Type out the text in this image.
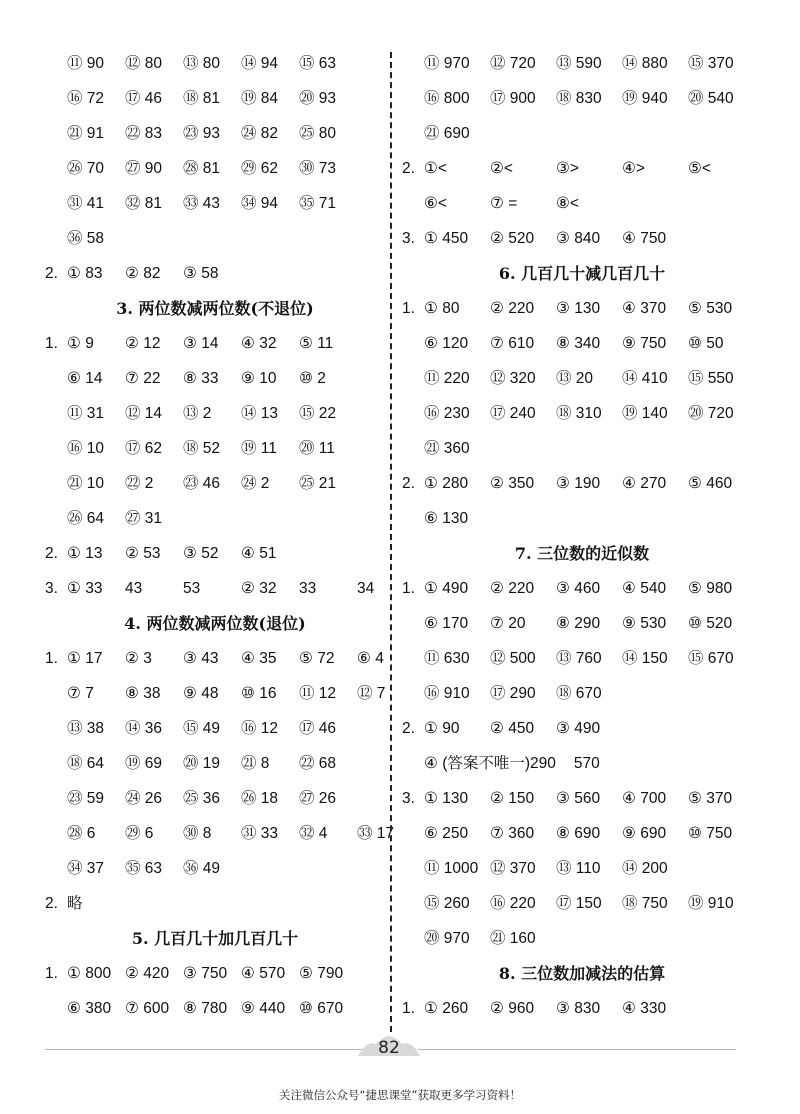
⑪ 90 ⑫ 80 ⑬ 80 ⑭ 94 ⑮ 63
⑯ 72 ⑰ 46 ⑱ 81 ⑲ 84 ⑳ 93
㉑ 91 ㉒ 83 ㉓ 93 ㉔ 82 ㉕ 80
㉖ 70 ㉗ 90 ㉘ 81 ㉙ 62 ㉚ 73
㉛ 41 ㉜ 81 ㉝ 43 ㉞ 94 ㉟ 71
㊱ 58
2. ① 83 ② 82 ③ 58
3. 两位数减两位数(不退位)
1. ① 9 ② 12 ③ 14 ④ 32 ⑤ 11
⑥ 14 ⑦ 22 ⑧ 33 ⑨ 10 ⑩ 2
⑪ 31 ⑫ 14 ⑬ 2 ⑭ 13 ⑮ 22
⑯ 10 ⑰ 62 ⑱ 52 ⑲ 11 ⑳ 11
㉑ 10 ㉒ 2 ㉓ 46 ㉔ 2 ㉕ 21
㉖ 64 ㉗ 31
2. ① 13 ② 53 ③ 52 ④ 51
3. ① 33 43	53	② 32 33	34
4. 两位数减两位数(退位)
1. ① 17 ② 3 ③ 43 ④ 35 ⑤ 72 ⑥ 4
⑦ 7 ⑧ 38 ⑨ 48 ⑩ 16 ⑪ 12 ⑫ 7
⑬ 38 ⑭ 36 ⑮ 49 ⑯ 12 ⑰ 46
⑱ 64 ⑲ 69 ⑳ 19 ㉑ 8 ㉒ 68
㉓ 59 ㉔ 26 ㉕ 36 ㉖ 18 ㉗ 26
㉘ 6 ㉙ 6 ㉚ 8 ㉛ 33 ㉜ 4 ㉝ 17
㉞ 37 ㉟ 63 ㊱ 49
2. 略
5. 几百几十加几百几十
1. ① 800 ② 420 ③ 750 ④ 570 ⑤ 790
⑥ 380 ⑦ 600 ⑧ 780 ⑨ 440 ⑩ 670
⑪ 970 ⑫ 720 ⑬ 590 ⑭ 880 ⑮ 370
⑯ 800 ⑰ 900 ⑱ 830 ⑲ 940 ⑳ 540
㉑ 690
2. ①<	②<	③>	④>	⑤<
⑥<	⑦ = ⑧<
3. ① 450 ② 520 ③ 840 ④ 750
6. 几百几十减几百几十
1. ① 80 ② 220 ③ 130 ④ 370 ⑤ 530
⑥ 120 ⑦ 610 ⑧ 340 ⑨ 750 ⑩ 50
⑪ 220 ⑫ 320 ⑬ 20 ⑭ 410 ⑮ 550
⑯ 230 ⑰ 240 ⑱ 310 ⑲ 140 ⑳ 720
㉑ 360
2. ① 280 ② 350 ③ 190 ④ 270 ⑤ 460
⑥ 130
7. 三位数的近似数
1. ① 490 ② 220 ③ 460 ④ 540 ⑤ 980
⑥ 170 ⑦ 20 ⑧ 290 ⑨ 530 ⑩ 520
⑪ 630 ⑫ 500 ⑬ 760 ⑭ 150 ⑮ 670
⑯ 910 ⑰ 290 ⑱ 670
2. ① 90 ② 450 ③ 490
④ (答案不唯一)290 570
3. ① 130 ② 150 ③ 560 ④ 700 ⑤ 370
⑥ 250 ⑦ 360 ⑧ 690 ⑨ 690 ⑩ 750
⑪ 1000 ⑫ 370 ⑬ 110 ⑭ 200
⑮ 260 ⑯ 220 ⑰ 150 ⑱ 750 ⑲ 910
⑳ 970 ㉑ 160
8. 三位数加减法的估算
1. ① 260 ② 960 ③ 830 ④ 330
82
关注微信公众号“捷思课堂”获取更多学习资料！
